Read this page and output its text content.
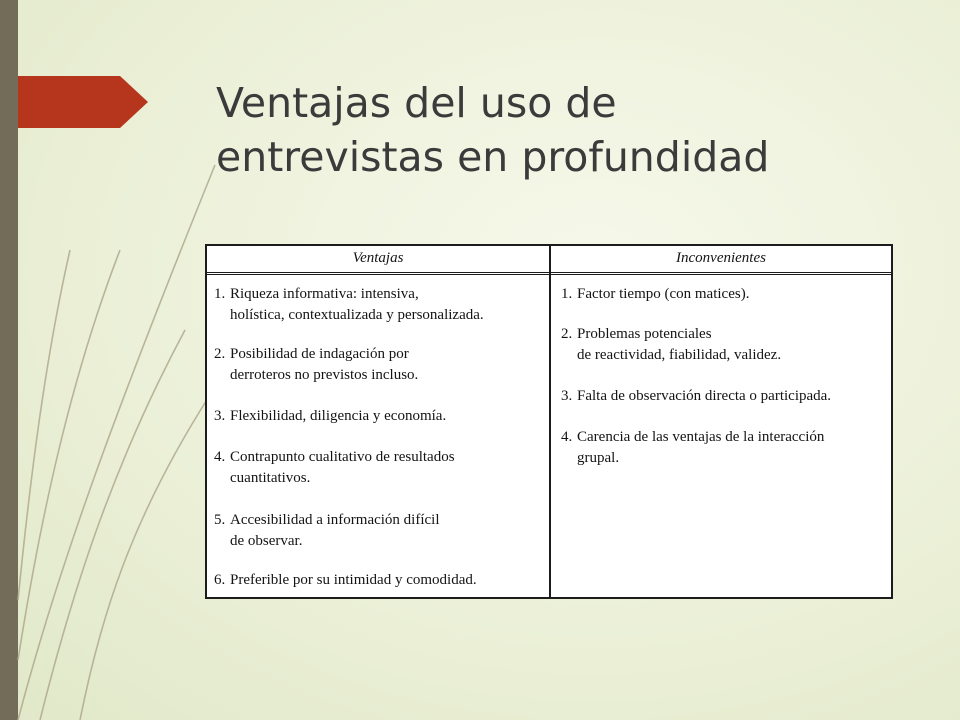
Ventajas del uso de
entrevistas en profundidad
Ventajas	Inconvenientes
1. Riqueza informativa: intensiva,
holística, contextualizada y personalizada.
2. Posibilidad de indagación por
derroteros no previstos incluso.
3. Flexibilidad, diligencia y economía.
4. Contrapunto cualitativo de resultados
cuantitativos.
5. Accesibilidad a información difícil
de observar.
6. Preferible por su intimidad y comodidad.
1. Factor tiempo (con matices).
2. Problemas potenciales
de reactividad, fiabilidad, validez.
3. Falta de observación directa o participada.
4. Carencia de las ventajas de la interacción
grupal.
